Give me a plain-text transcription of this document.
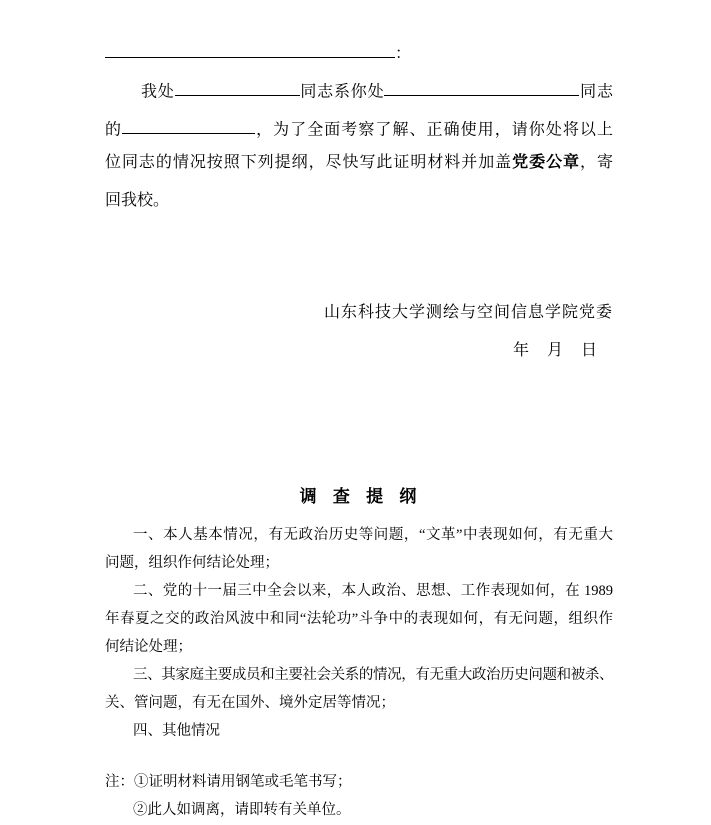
：
我处	同志系你处	同志
的	，为了全面考察了解、正确使用，请你处将以上
位同志的情况按照下列提纲，尽快写此证明材料并加盖党委公章，寄
回我校。
山东科技大学测绘与空间信息学院党委
年　月　日
调 查 提 纲
一、本人基本情况，有无政治历史等问题，“文革”中表现如何，有无重大
问题，组织作何结论处理；
二、党的十一届三中全会以来，本人政治、思想、工作表现如何，在 1989
年春夏之交的政治风波中和同“法轮功”斗争中的表现如何，有无问题，组织作
何结论处理；
三、其家庭主要成员和主要社会关系的情况，有无重大政治历史问题和被杀、
关、管问题，有无在国外、境外定居等情况；
四、其他情况
注：①证明材料请用钢笔或毛笔书写；
②此人如调离，请即转有关单位。
